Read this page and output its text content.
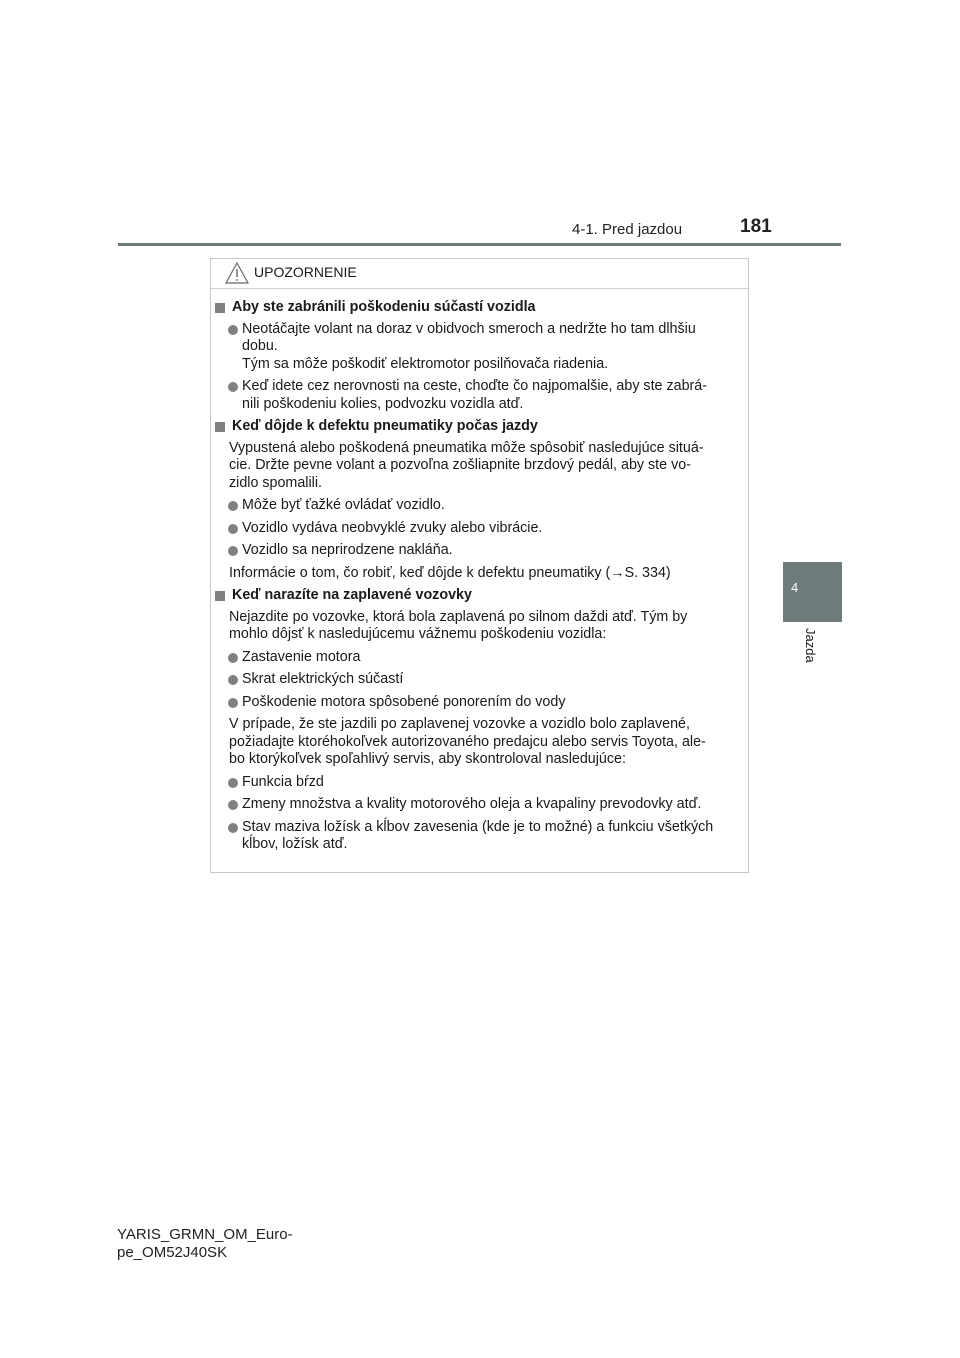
4-1. Pred jazdou	181
4
Jazda
UPOZORNENIE
Aby ste zabránili poškodeniu súčastí vozidla
Neotáčajte volant na doraz v obidvoch smeroch a nedržte ho tam dlhšiu
dobu.
Tým sa môže poškodiť elektromotor posilňovača riadenia.
Keď idete cez nerovnosti na ceste, choďte čo najpomalšie, aby ste zabrá-
nili poškodeniu kolies, podvozku vozidla atď.
Keď dôjde k defektu pneumatiky počas jazdy
Vypustená alebo poškodená pneumatika môže spôsobiť nasledujúce situá-
cie. Držte pevne volant a pozvoľna zošliapnite brzdový pedál, aby ste vo-
zidlo spomalili.
Môže byť ťažké ovládať vozidlo.
Vozidlo vydáva neobvyklé zvuky alebo vibrácie.
Vozidlo sa neprirodzene nakláňa.
Informácie o tom, čo robiť, keď dôjde k defektu pneumatiky (→S. 334)
Keď narazíte na zaplavené vozovky
Nejazdite po vozovke, ktorá bola zaplavená po silnom daždi atď. Tým by
mohlo dôjsť k nasledujúcemu vážnemu poškodeniu vozidla:
Zastavenie motora
Skrat elektrických súčastí
Poškodenie motora spôsobené ponorením do vody
V prípade, že ste jazdili po zaplavenej vozovke a vozidlo bolo zaplavené,
požiadajte ktoréhokoľvek autorizovaného predajcu alebo servis Toyota, ale-
bo ktorýkoľvek spoľahlivý servis, aby skontroloval nasledujúce:
Funkcia bŕzd
Zmeny množstva a kvality motorového oleja a kvapaliny prevodovky atď.
Stav maziva ložísk a kĺbov zavesenia (kde je to možné) a funkciu všetkých
kĺbov, ložísk atď.
YARIS_GRMN_OM_Euro-
pe_OM52J40SK
